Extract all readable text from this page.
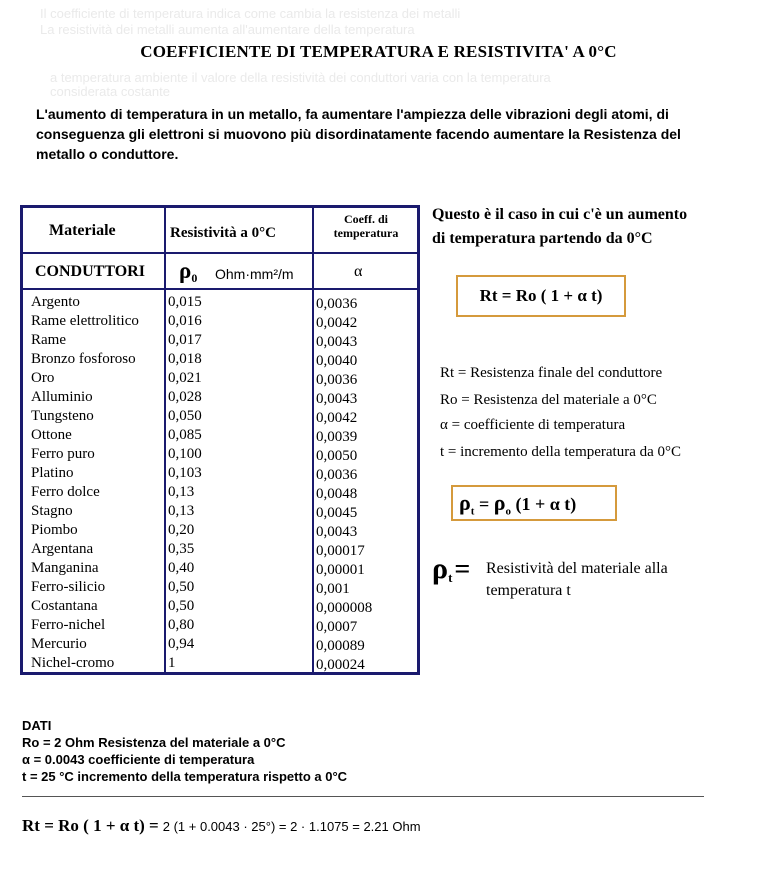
Il coefficiente di temperatura indica come cambia la resistenza dei metalli
La resistività dei metalli aumenta all'aumentare della temperatura
a temperatura ambiente il valore della resistività dei conduttori varia con la temperatura
considerata costante
COEFFICIENTE DI TEMPERATURA E RESISTIVITA' A 0°C
L'aumento di temperatura in un metallo, fa aumentare l'ampiezza delle vibrazioni degli atomi, di conseguenza gli elettroni si muovono più disordinatamente facendo aumentare la Resistenza del metallo o conduttore.
Materiale	Resistività a 0°C
Coeff. di
temperatura
CONDUTTORI $\rho_0$ Ohm·mm²/m	α
Argento
Rame elettrolitico
Rame
Bronzo fosforoso
Oro
Alluminio
Tungsteno
Ottone
Ferro puro
Platino
Ferro dolce
Stagno
Piombo
Argentana
Manganina
Ferro-silicio
Costantana
Ferro-nichel
Mercurio
Nichel-cromo
0,015
0,016
0,017
0,018
0,021
0,028
0,050
0,085
0,100
0,103
0,13
0,13
0,20
0,35
0,40
0,50
0,50
0,80
0,94
1
0,0036
0,0042
0,0043
0,0040
0,0036
0,0043
0,0042
0,0039
0,0050
0,0036
0,0048
0,0045
0,0043
0,00017
0,00001
0,001
0,000008
0,0007
0,00089
0,00024
Questo è il caso in cui c'è un aumento
di temperatura partendo da 0°C
Rt = Ro ( 1 + α t)
Rt = Resistenza finale del conduttore
Ro = Resistenza del materiale a 0°C
α = coefficiente di temperatura
t = incremento della temperatura da 0°C
$\rho_t = \rho_o$ (1 + α t)
$\rho_t=$ Resistività del materiale alla
temperatura t
DATI
Ro = 2 Ohm Resistenza del materiale a 0°C
α = 0.0043 coefficiente di temperatura
t = 25 °C incremento della temperatura rispetto a 0°C
Rt = Ro ( 1 + α t) = 2 (1 + 0.0043 · 25°) = 2 · 1.1075 = 2.21 Ohm
